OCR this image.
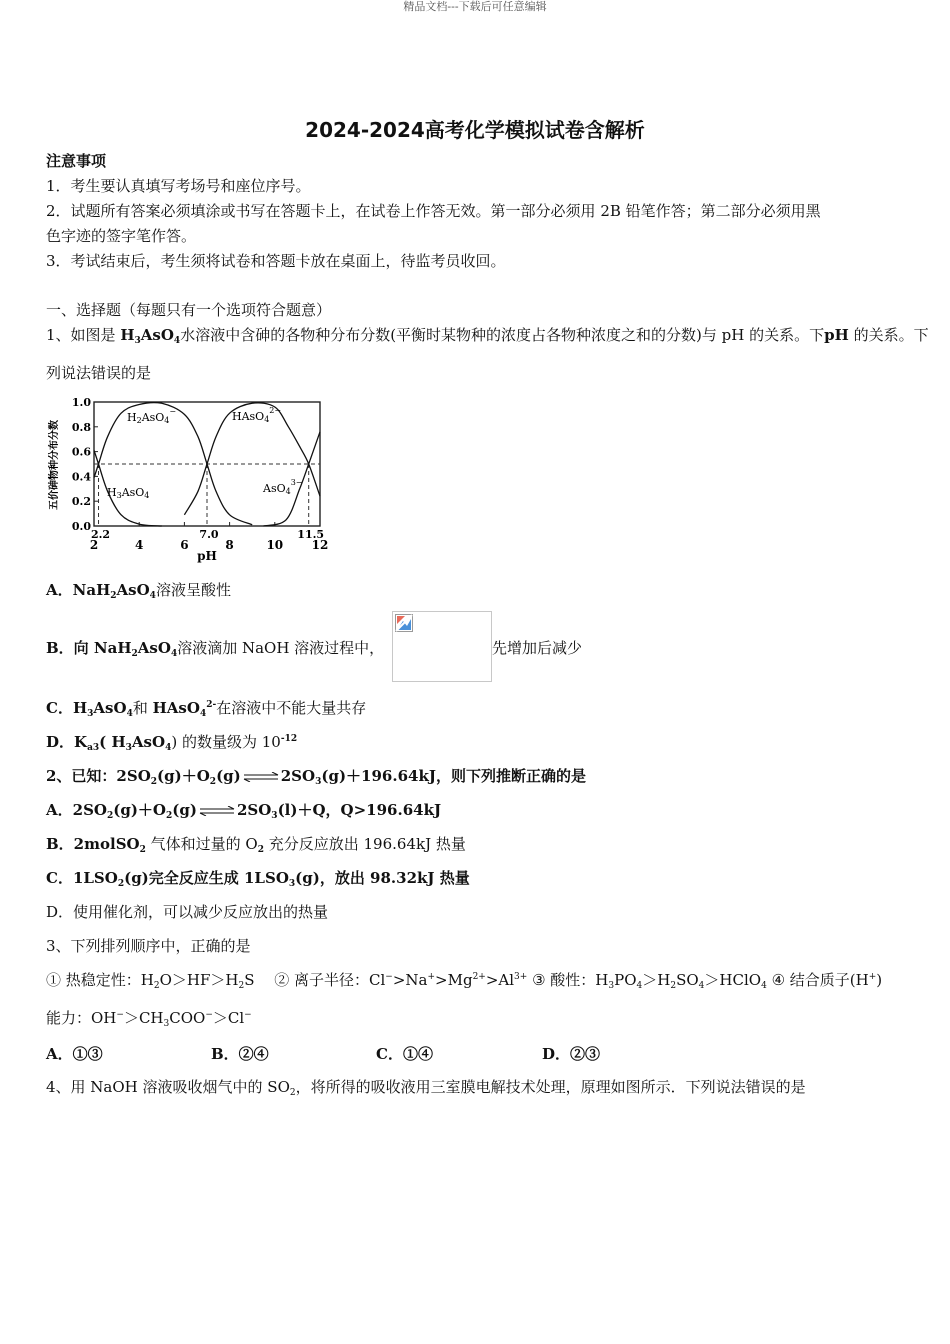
精品文档---下载后可任意编辑
2024-2024高考化学模拟试卷含解析
注意事项
1．考生要认真填写考场号和座位序号。
2．试题所有答案必须填涂或书写在答题卡上，在试卷上作答无效。第一部分必须用 2B 铅笔作答；第二部分必须用黑
色字迹的签字笔作答。
3．考试结束后，考生须将试卷和答题卡放在桌面上，待监考员收回。
一、选择题（每题只有一个选项符合题意）
1、如图是 $H_3AsO_4$水溶液中含砷的各物种分布分数(平衡时某物种的浓度占各物种浓度之和的分数)与 pH 的关系。下pH 的关系。下
列说法错误的是
0.0
0.2
0.4
0.6
0.8
1.0
2	4	6	8	10 12
2.2	7.0	11.5
五价砷物种分布分数
pH
H3AsO4
H2AsO4−	$HAsO4^{2-}$
$AsO4^{3-}$
A．NaH$_2$AsO$_4$溶液呈酸性
B．向 NaH$_2$AsO$_4$溶液滴加 NaOH 溶液过程中，	先增加后减少
C．$H_3AsO_4$和 HAsO$_4^{2-}$在溶液中不能大量共存
D．$K_{a3}$( $H_3AsO_4$) 的数量级为 $10^{-12}$
2、已知：$2SO_2(g)+O_2(g)$ ⇌ $2SO_3(g)+196.64kJ$，则下列推断正确的是
A．$2SO_2(g)+O_2(g)$ ⇌ $2SO_3(l)+Q$，Q>196.64kJ
B．2molSO$_2$ 气体和过量的 $O_2$ 充分反应放出 196.64kJ 热量
C．$1LSO_2(g)$完全反应生成 $1LSO_3(g)$，放出 98.32kJ 热量
D．使用催化剂，可以减少反应放出的热量
3、下列排列顺序中，正确的是
① 热稳定性：$H_2O>HF>H_2S$　 ② 离子半径：$Cl^->Na^+>Mg^{2+}>Al^{3+}$ ③ 酸性：$H_3PO_4>H_2SO_4>HClO_4$ ④ 结合质子(H+)
能力：$OH^->CH_3COO^->Cl^-$
A．①③	B．②④	C．①④	D．②③
4、用 NaOH 溶液吸收烟气中的 $SO_2$，将所得的吸收液用三室膜电解技术处理，原理如图所示．下列说法错误的是
